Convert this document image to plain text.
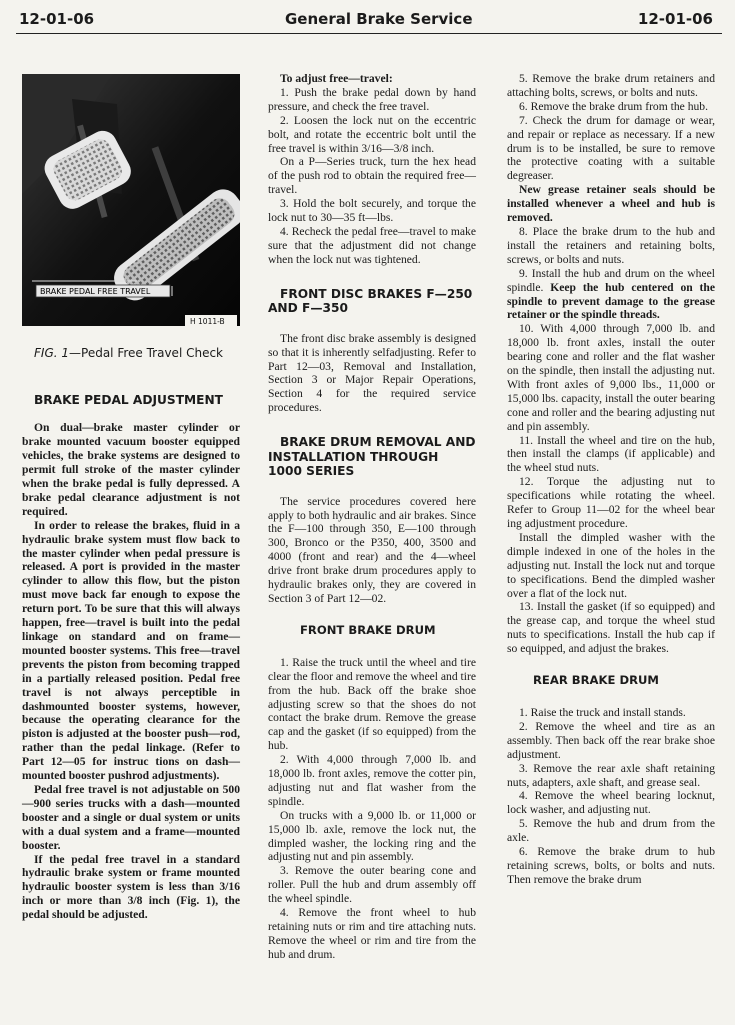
12-01-06	General Brake Service	12-01-06
BRAKE PEDAL FREE TRAVEL
H 1011-B

FIG. 1—Pedal Free Travel Check

BRAKE PEDAL ADJUSTMENT

On dual—brake master cylinder or brake mounted vacuum booster equipped vehicles, the brake systems are designed to permit full stroke of the master cylinder when the brake pedal is fully depressed. A brake pedal clearance adjustment is not required.

In order to release the brakes, fluid in a hydraulic brake system must flow back to the master cylinder when pedal pressure is released. A port is provided in the master cylinder to allow this flow, but the piston must move back far enough to expose the return port. To be sure that this will always happen, free—travel is built into the pedal linkage on standard and on frame—mounted booster systems. This free—travel prevents the piston from becoming trapped in a partially released position. Pedal free travel is not always perceptible in dashmounted booster systems, however, because the operating clearance for the piston is adjusted at the booster push—rod, rather than the pedal linkage. (Refer to Part 12—05 for instruc tions on dash—mounted booster pushrod adjustments).

Pedal free travel is not adjustable on 500—900 series trucks with a dash—mounted booster and a single or dual system or units with a dual system and a frame—mounted booster.

If the pedal free travel in a standard hydraulic brake system or frame mounted hydraulic booster system is less than 3/16 inch or more than 3/8 inch (Fig. 1), the pedal should be adjusted.

To adjust free—travel:

1. Push the brake pedal down by hand pressure, and check the free travel.

2. Loosen the lock nut on the eccentric bolt, and rotate the eccentric bolt until the free travel is within 3/16—3/8 inch.

On a P—Series truck, turn the hex head of the push rod to obtain the required free—travel.

3. Hold the bolt securely, and torque the lock nut to 30—35 ft—lbs.

4. Recheck the pedal free—travel to make sure that the adjustment did not change when the lock nut was tightened.

FRONT DISC BRAKES F—250 AND F—350

The front disc brake assembly is designed so that it is inherently selfadjusting. Refer to Part 12—03, Removal and Installation, Section 3 or Major Repair Operations, Section 4 for the required service procedures.

BRAKE DRUM REMOVAL AND INSTALLATION THROUGH 1000 SERIES

The service procedures covered here apply to both hydraulic and air brakes. Since the F—100 through 350, E—100 through 300, Bronco or the P350, 400, 3500 and 4000 (front and rear) and the 4—wheel drive front brake drum procedures apply to hydraulic brakes only, they are covered in Section 3 of Part 12—02.

FRONT BRAKE DRUM

1. Raise the truck until the wheel and tire clear the floor and remove the wheel and tire from the hub. Back off the brake shoe adjusting screw so that the shoes do not contact the brake drum. Remove the grease cap and the gasket (if so equipped) from the hub.

2. With 4,000 through 7,000 lb. and 18,000 lb. front axles, remove the cotter pin, adjusting nut and flat washer from the spindle.

On trucks with a 9,000 lb. or 11,000 or 15,000 lb. axle, remove the lock nut, the dimpled washer, the locking ring and the adjusting nut and pin assembly.

3. Remove the outer bearing cone and roller. Pull the hub and drum assembly off the wheel spindle.

4. Remove the front wheel to hub retaining nuts or rim and tire attaching nuts. Remove the wheel or rim and tire from the hub and drum.

5. Remove the brake drum retainers and attaching bolts, screws, or bolts and nuts.

6. Remove the brake drum from the hub.

7. Check the drum for damage or wear, and repair or replace as necessary. If a new drum is to be installed, be sure to remove the protective coating with a suitable degreaser.

New grease retainer seals should be installed whenever a wheel and hub is removed.

8. Place the brake drum to the hub and install the retainers and retaining bolts, screws, or bolts and nuts.

9. Install the hub and drum on the wheel spindle. Keep the hub centered on the spindle to prevent damage to the grease retainer or the spindle threads.

10. With 4,000 through 7,000 lb. and 18,000 lb. front axles, install the outer bearing cone and roller and the flat washer on the spindle, then install the adjusting nut. With front axles of 9,000 lbs., 11,000 or 15,000 lbs. capacity, install the outer bearing cone and roller and the bearing adjusting nut and pin assembly.

11. Install the wheel and tire on the hub, then install the clamps (if applicable) and the wheel stud nuts.

12. Torque the adjusting nut to specifications while rotating the wheel. Refer to Group 11—02 for the wheel bear ing adjustment procedure.

Install the dimpled washer with the dimple indexed in one of the holes in the adjusting nut. Install the lock nut and torque to specifications. Bend the dimpled washer over a flat of the lock nut.

13. Install the gasket (if so equipped) and the grease cap, and torque the wheel stud nuts to specifications. Install the hub cap if so equipped, and adjust the brakes.

REAR BRAKE DRUM

1. Raise the truck and install stands.

2. Remove the wheel and tire as an assembly. Then back off the rear brake shoe adjustment.

3. Remove the rear axle shaft retaining nuts, adapters, axle shaft, and grease seal.

4. Remove the wheel bearing locknut, lock washer, and adjusting nut.

5. Remove the hub and drum from the axle.

6. Remove the brake drum to hub retaining screws, bolts, or bolts and nuts. Then remove the brake drum
